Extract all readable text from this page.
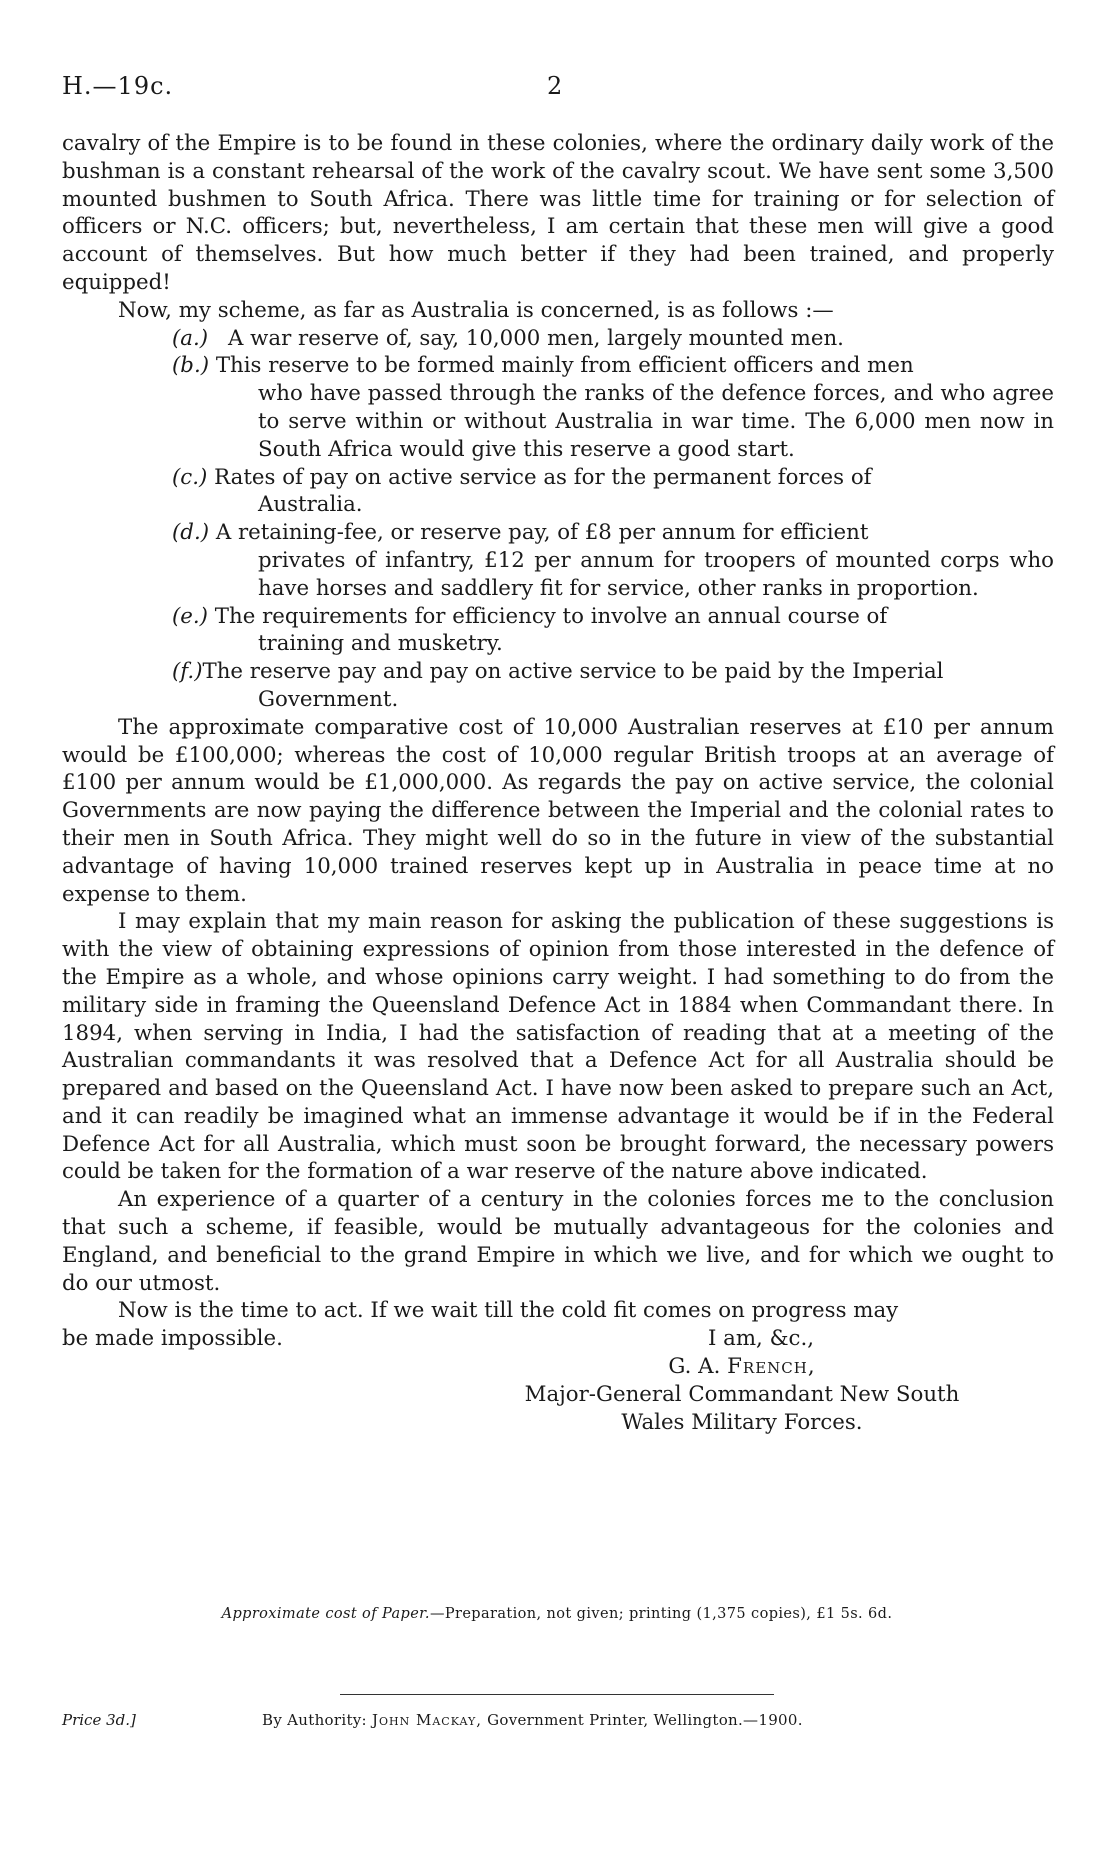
H.—19c.	2

cavalry of the Empire is to be found in these colonies, where the ordinary daily work of the bushman is a constant rehearsal of the work of the cavalry scout. We have sent some 3,500 mounted bushmen to South Africa. There was little time for training or for selection of officers or N.C. officers; but, nevertheless, I am certain that these men will give a good account of themselves. But how much better if they had been trained, and properly equipped!

Now, my scheme, as far as Australia is concerned, is as follows :—

(a.) A war reserve of, say, 10,000 men, largely mounted men.
(b.) This reserve to be formed mainly from efficient officers and men
who have passed through the ranks of the defence forces, and who agree to serve within or without Australia in war time. The 6,000 men now in South Africa would give this reserve a good start.
(c.) Rates of pay on active service as for the permanent forces of
Australia.
(d.) A retaining-fee, or reserve pay, of £8 per annum for efficient
privates of infantry, £12 per annum for troopers of mounted corps who have horses and saddlery fit for service, other ranks in proportion.
(e.) The requirements for efficiency to involve an annual course of
training and musketry.
(f.) The reserve pay and pay on active service to be paid by the Imperial
Government.

The approximate comparative cost of 10,000 Australian reserves at £10 per annum would be £100,000; whereas the cost of 10,000 regular British troops at an average of £100 per annum would be £1,000,000. As regards the pay on active service, the colonial Governments are now paying the difference between the Imperial and the colonial rates to their men in South Africa. They might well do so in the future in view of the substantial advantage of having 10,000 trained reserves kept up in Australia in peace time at no expense to them.

I may explain that my main reason for asking the publication of these suggestions is with the view of obtaining expressions of opinion from those interested in the defence of the Empire as a whole, and whose opinions carry weight. I had something to do from the military side in framing the Queensland Defence Act in 1884 when Commandant there. In 1894, when serving in India, I had the satisfaction of reading that at a meeting of the Australian commandants it was resolved that a Defence Act for all Australia should be prepared and based on the Queensland Act. I have now been asked to prepare such an Act, and it can readily be imagined what an immense advantage it would be if in the Federal Defence Act for all Australia, which must soon be brought forward, the necessary powers could be taken for the formation of a war reserve of the nature above indicated.

An experience of a quarter of a century in the colonies forces me to the conclusion that such a scheme, if feasible, would be mutually advantageous for the colonies and England, and beneficial to the grand Empire in which we live, and for which we ought to do our utmost.

Now is the time to act. If we wait till the cold fit comes on progress may

be made impossible.	I am, &c.,
G. A. French,
Major-General Commandant New South
Wales Military Forces.
Approximate cost of Paper.—Preparation, not given; printing (1,375 copies), £1 5s. 6d.
Price 3d.]	By Authority: John Mackay, Government Printer, Wellington.—1900.
